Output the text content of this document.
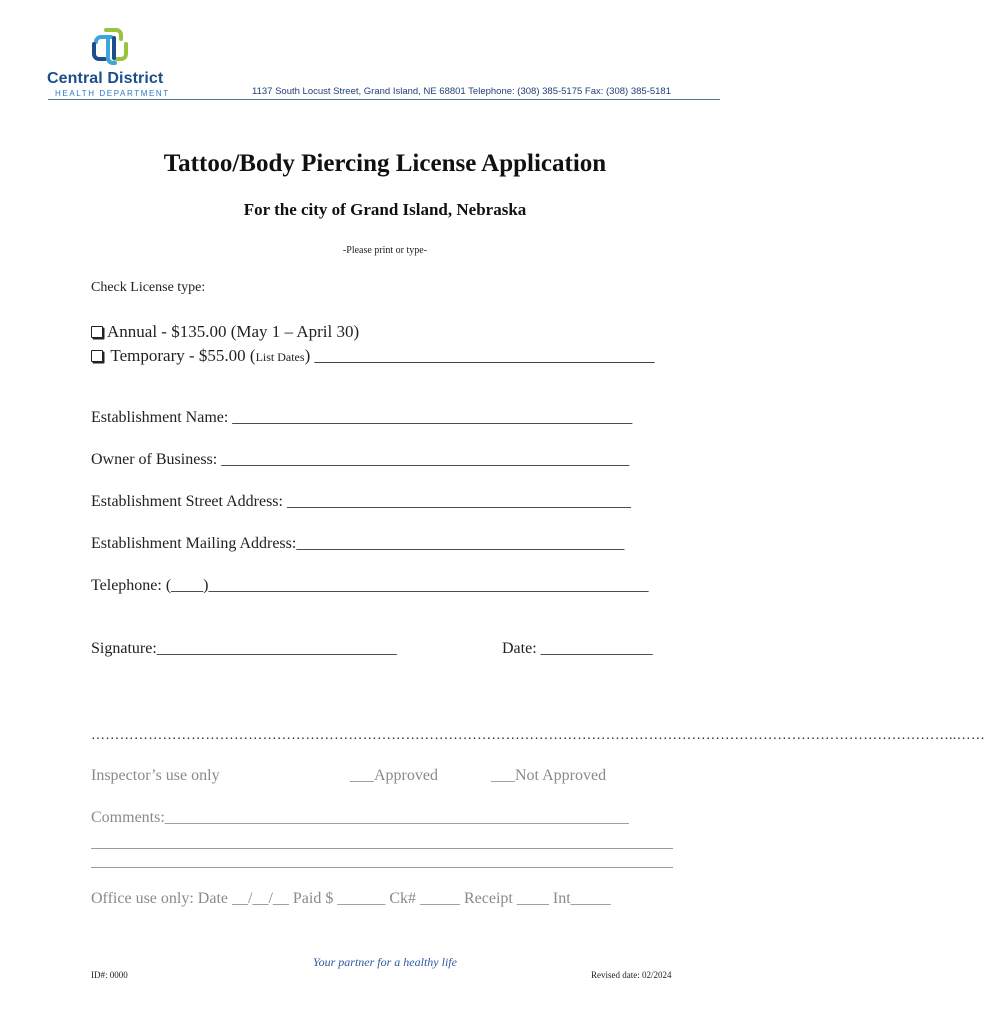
Central District
HEALTH DEPARTMENT	1137 South Locust Street, Grand Island, NE 68801 Telephone: (308) 385-5175 Fax: (308) 385-5181
Tattoo/Body Piercing License Application
For the city of Grand Island, Nebraska
-Please print or type-
Check License type:
Annual - $135.00 (May 1 – April 30)
 Temporary - $55.00 (List Dates) ________________________________________
Establishment Name: __________________________________________________
Owner of Business: ___________________________________________________
Establishment Street Address: ___________________________________________
Establishment Mailing Address:_________________________________________
Telephone: (____)_______________________________________________________
Signature:______________________________	Date: ______________
………………………………………………………………………………………………………………………………………………………………..……
Inspector’s use only	___Approved	___Not Approved
Comments:__________________________________________________________
Office use only: Date __/__/__ Paid $ ______ Ck# _____ Receipt ____ Int_____
Your partner for a healthy life
ID#: 0000	Revised date: 02/2024
